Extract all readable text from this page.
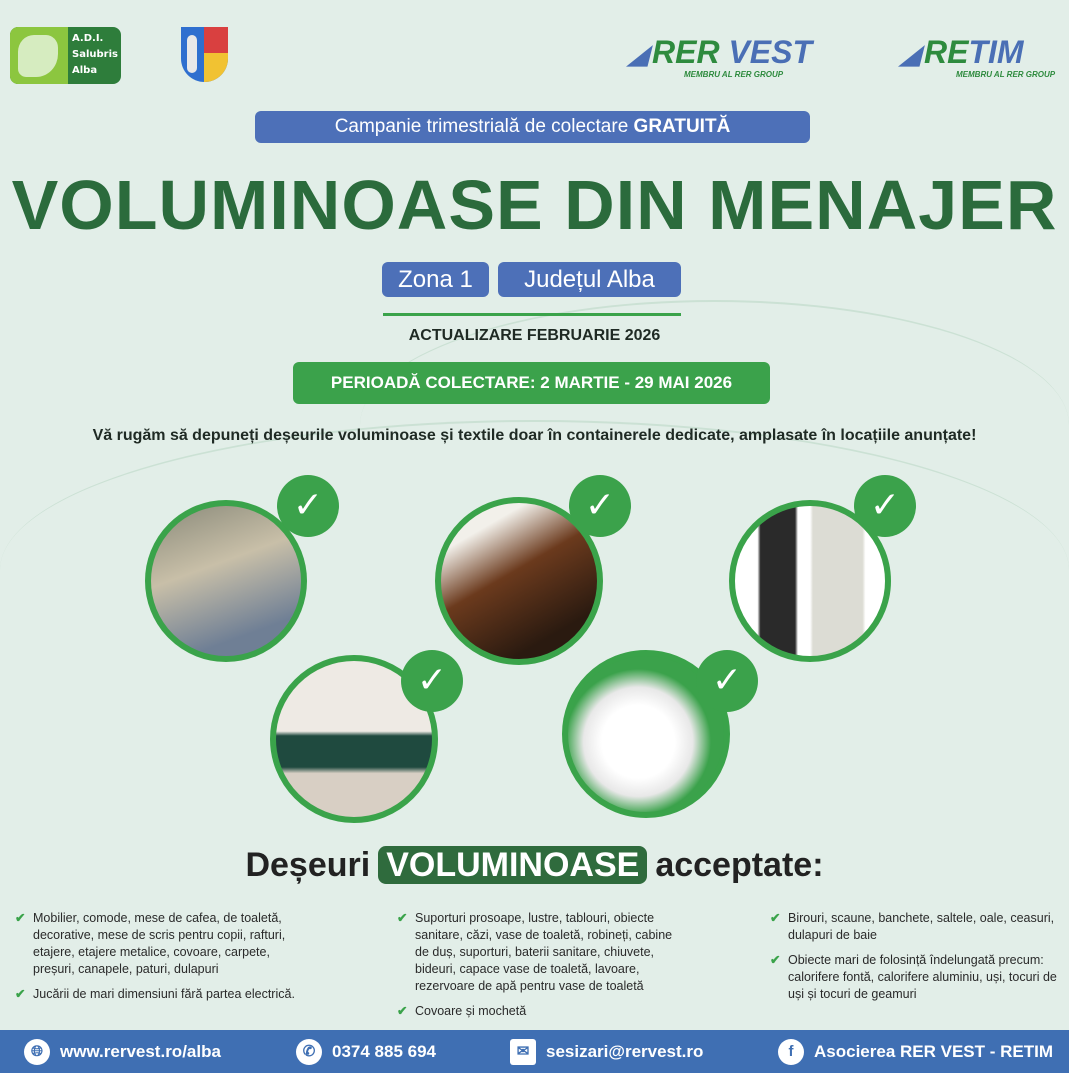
A.D.I.
Salubris
Alba
◢ RER VEST
MEMBRU AL RER GROUP
◢ RETIM
MEMBRU AL RER GROUP
Campanie trimestrială de colectare GRATUITĂ
VOLUMINOASE DIN MENAJER
Zona 1	Județul Alba
ACTUALIZARE FEBRUARIE 2026
PERIOADĂ COLECTARE: 2 MARTIE - 29 MAI 2026
Vă rugăm să depuneți deșeurile voluminoase și textile doar în containerele dedicate, amplasate în locațiile anunțate!
✓	✓	✓
✓	✓
Deșeuri VOLUMINOASE acceptate:
✔ Mobilier, comode, mese de cafea, de toaletă, decorative, mese de scris pentru copii, rafturi, etajere, etajere metalice, covoare, carpete, preșuri, canapele, paturi, dulapuri
✔ Jucării de mari dimensiuni fără partea electrică.
✔ Suporturi prosoape, lustre, tablouri, obiecte sanitare, căzi, vase de toaletă, robineți, cabine de duș, suporturi, baterii sanitare, chiuvete, bideuri, capace vase de toaletă, lavoare, rezervoare de apă pentru vase de toaletă
✔ Covoare și mochetă
✔ Birouri, scaune, banchete, saltele, oale, ceasuri, dulapuri de baie
✔ Obiecte mari de folosință îndelungată precum: calorifere fontă, calorifere aluminiu, uși, tocuri de uși și tocuri de geamuri
🌐︎	www.rervest.ro/alba	✆ 0374 885 694	✉ sesizari@rervest.ro	f	Asocierea RER VEST - RETIM
